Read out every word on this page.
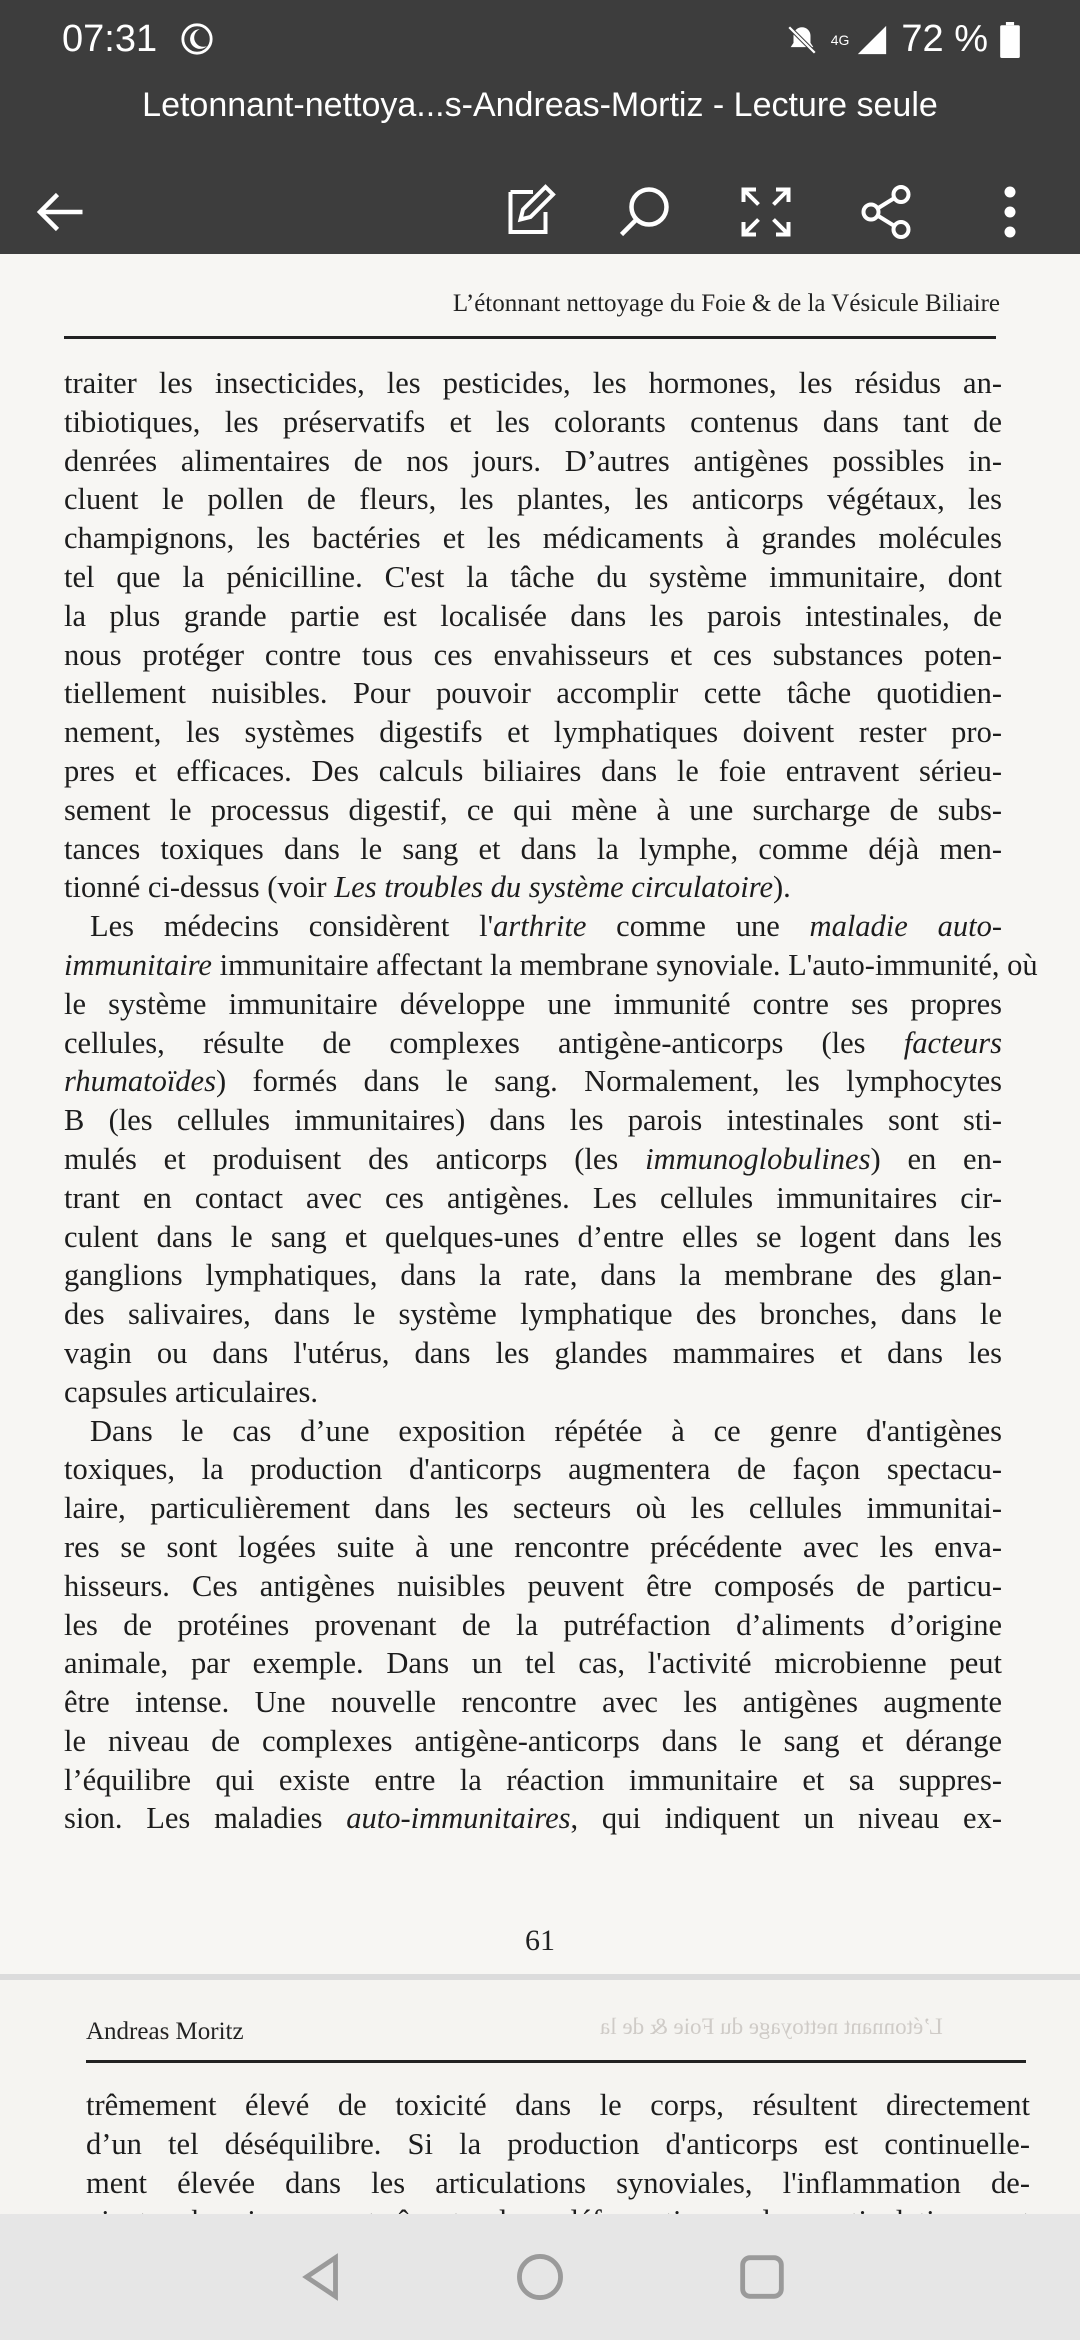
07:31	4G 72 %
Letonnant-nettoya...s-Andreas-Mortiz - Lecture seule
L’étonnant nettoyage du Foie & de la Vésicule Biliaire
traiter les insecticides, les pesticides, les hormones, les résidus an-
tibiotiques, les préservatifs et les colorants contenus dans tant de
denrées alimentaires de nos jours. D’autres antigènes possibles in-
cluent le pollen de fleurs, les plantes, les anticorps végétaux, les
champignons, les bactéries et les médicaments à grandes molécules
tel que la pénicilline. C'est la tâche du système immunitaire, dont
la plus grande partie est localisée dans les parois intestinales, de
nous protéger contre tous ces envahisseurs et ces substances poten-
tiellement nuisibles. Pour pouvoir accomplir cette tâche quotidien-
nement, les systèmes digestifs et lymphatiques doivent rester pro-
pres et efficaces. Des calculs biliaires dans le foie entravent sérieu-
sement le processus digestif, ce qui mène à une surcharge de subs-
tances toxiques dans le sang et dans la lymphe, comme déjà men-
tionné ci-dessus (voir Les troubles du système circulatoire).
Les médecins considèrent l'arthrite comme une maladie auto-
immunitaire immunitaire affectant la membrane synoviale. L'auto-immunité, où
le système immunitaire développe une immunité contre ses propres
cellules, résulte de complexes antigène-anticorps (les facteurs
rhumatoïdes) formés dans le sang. Normalement, les lymphocytes
B (les cellules immunitaires) dans les parois intestinales sont sti-
mulés et produisent des anticorps (les immunoglobulines) en en-
trant en contact avec ces antigènes. Les cellules immunitaires cir-
culent dans le sang et quelques-unes d’entre elles se logent dans les
ganglions lymphatiques, dans la rate, dans la membrane des glan-
des salivaires, dans le système lymphatique des bronches, dans le
vagin ou dans l'utérus, dans les glandes mammaires et dans les
capsules articulaires.
Dans le cas d’une exposition répétée à ce genre d'antigènes
toxiques, la production d'anticorps augmentera de façon spectacu-
laire, particulièrement dans les secteurs où les cellules immunitai-
res se sont logées suite à une rencontre précédente avec les enva-
hisseurs. Ces antigènes nuisibles peuvent être composés de particu-
les de protéines provenant de la putréfaction d’aliments d’origine
animale, par exemple. Dans un tel cas, l'activité microbienne peut
être intense. Une nouvelle rencontre avec les antigènes augmente
le niveau de complexes antigène-anticorps dans le sang et dérange
l’équilibre qui existe entre la réaction immunitaire et sa suppres-
sion. Les maladies auto-immunitaires, qui indiquent un niveau ex-
61
L’étonnant nettoyage du Foie & de la
Andreas Moritz
trêmement élevé de toxicité dans le corps, résultent directement
d’un tel déséquilibre. Si la production d'anticorps est continuelle-
ment élevée dans les articulations synoviales, l'inflammation de-
